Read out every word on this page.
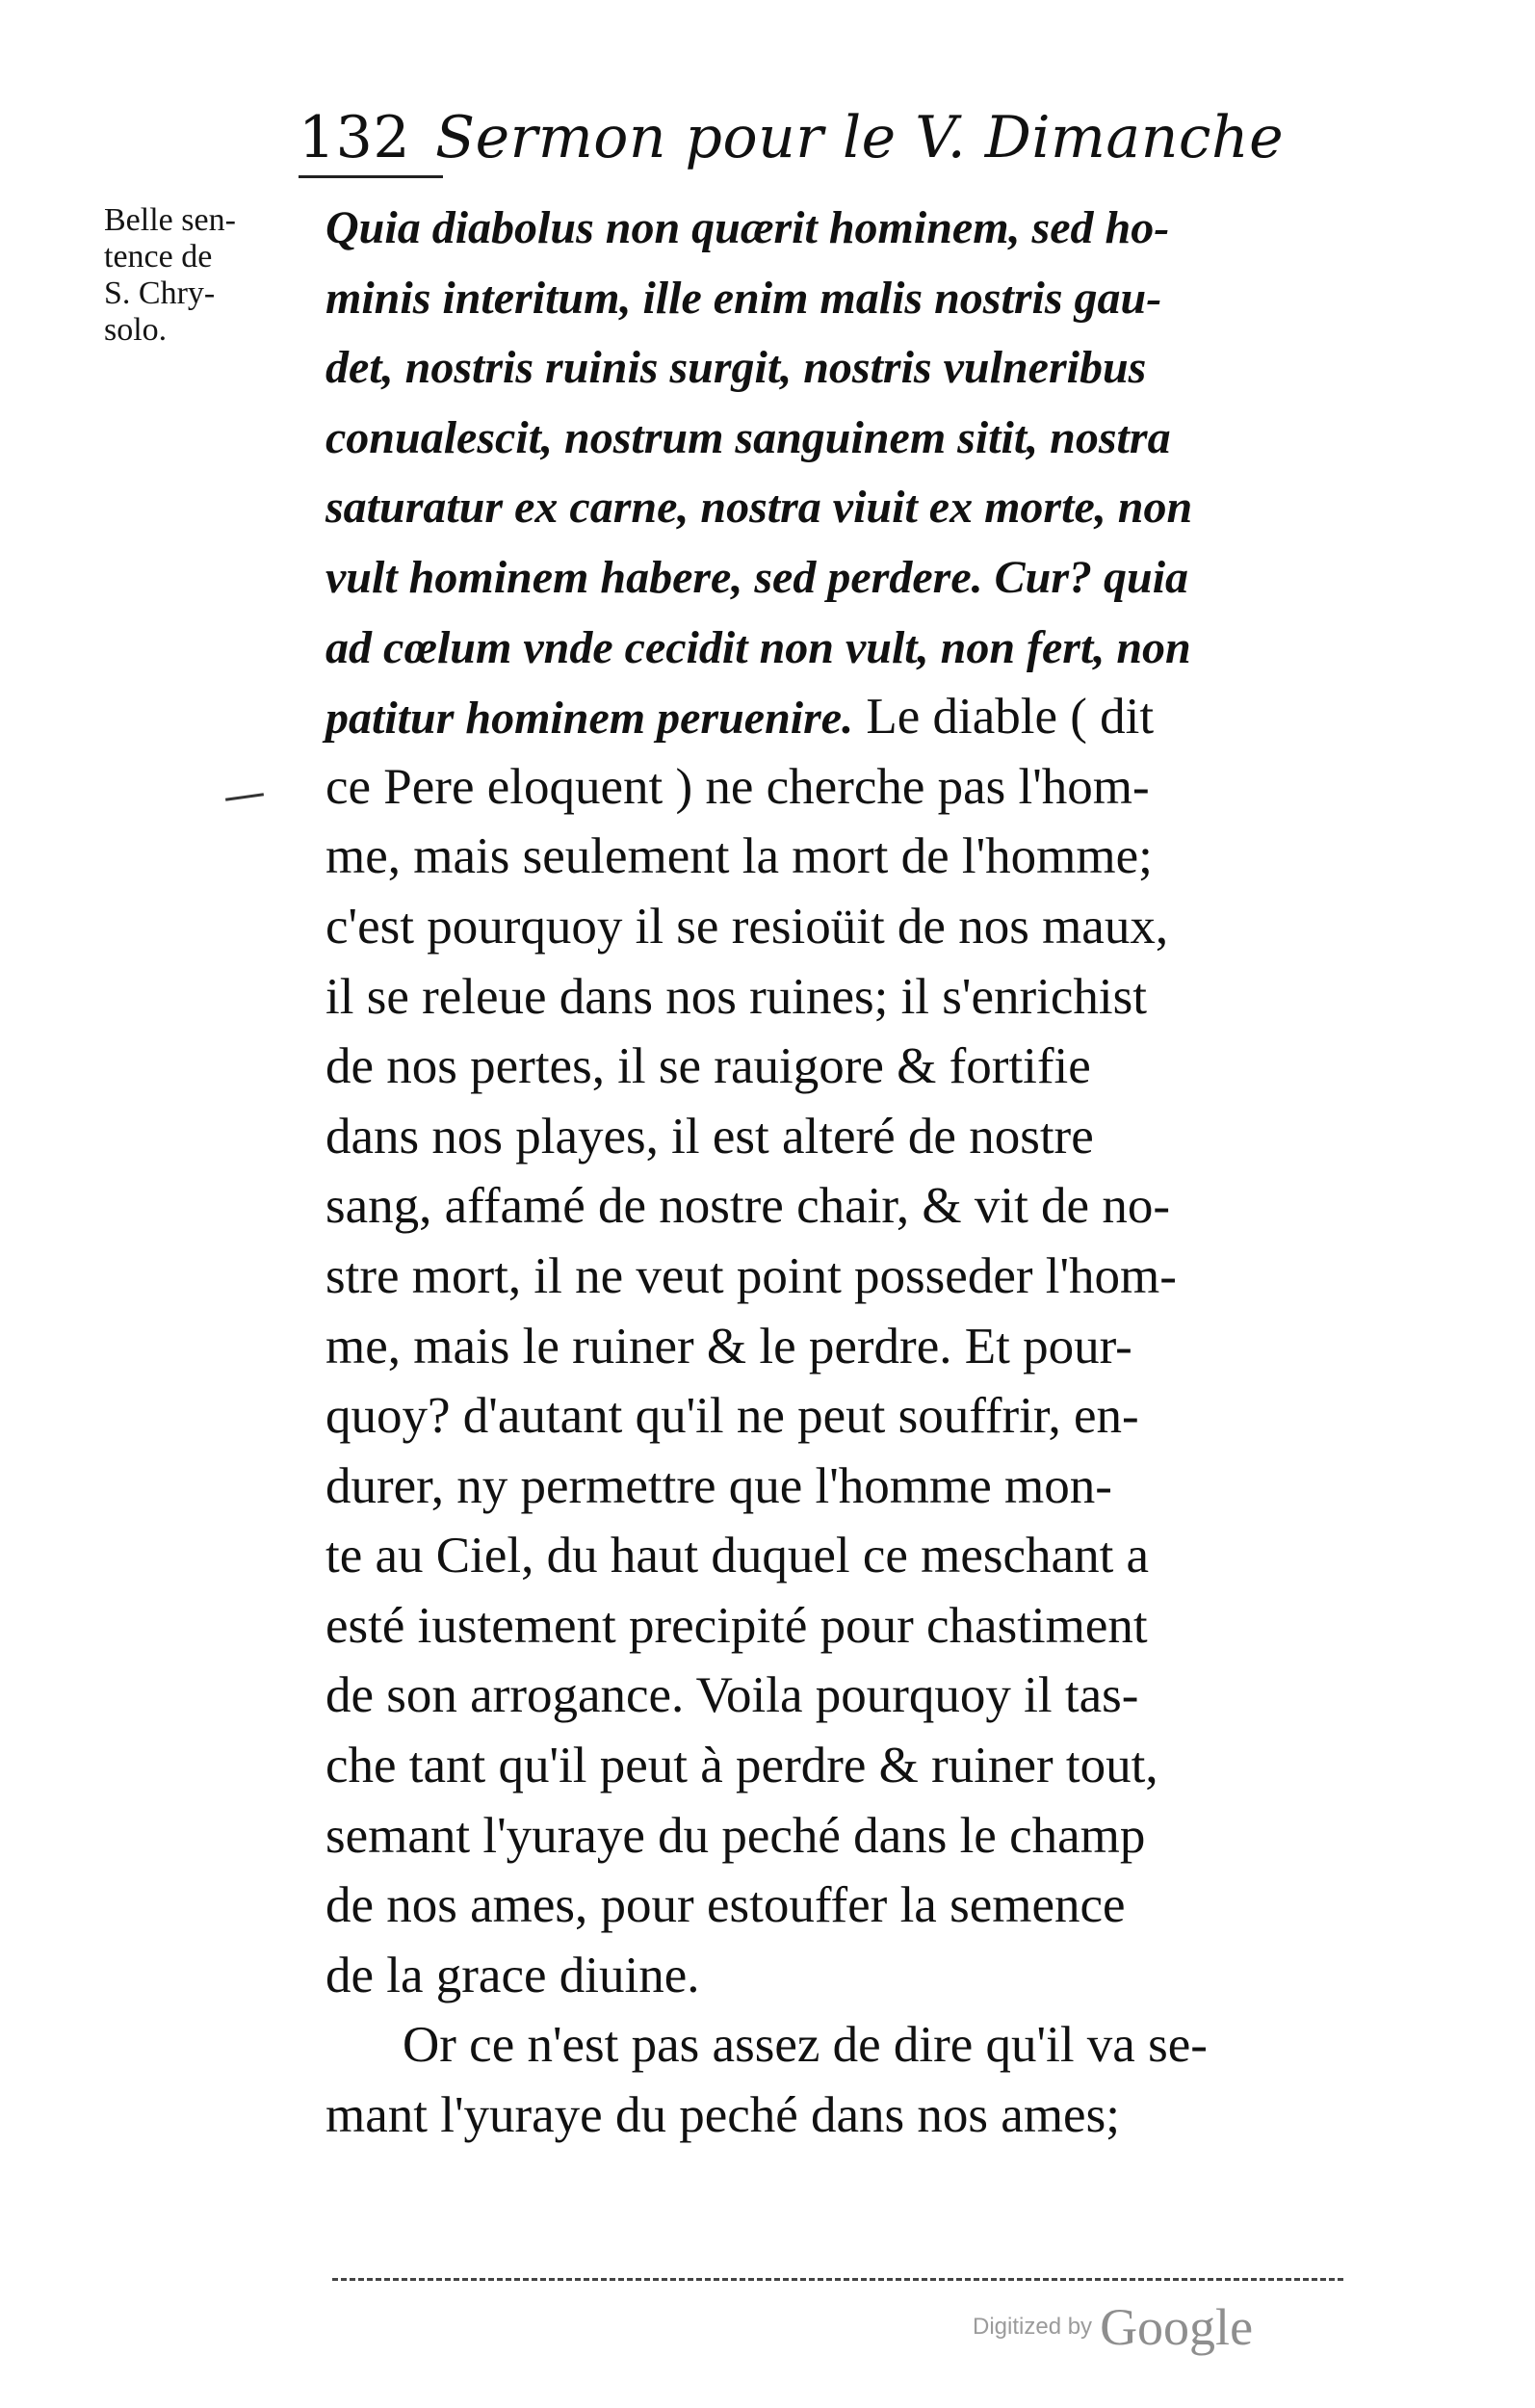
132 Sermon pour le V. Dimanche
Belle sen-
tence de
S. Chry-
solo.
Quia diabolus non quærit hominem, sed ho-
minis interitum, ille enim malis nostris gau-
det, nostris ruinis surgit, nostris vulneribus
conualescit, nostrum sanguinem sitit, nostra
saturatur ex carne, nostra viuit ex morte, non
vult hominem habere, sed perdere. Cur? quia
ad cœlum vnde cecidit non vult, non fert, non
patitur hominem peruenire. Le diable ( dit
ce Pere eloquent ) ne cherche pas l'hom-
me, mais seulement la mort de l'homme;
c'est pourquoy il se resioüit de nos maux,
il se releue dans nos ruines; il s'enrichist
de nos pertes, il se rauigore & fortifie
dans nos playes, il est alteré de nostre
sang, affamé de nostre chair, & vit de no-
stre mort, il ne veut point posseder l'hom-
me, mais le ruiner & le perdre. Et pour-
quoy? d'autant qu'il ne peut souffrir, en-
durer, ny permettre que l'homme mon-
te au Ciel, du haut duquel ce meschant a
esté iustement precipité pour chastiment
de son arrogance. Voila pourquoy il tas-
che tant qu'il peut à perdre & ruiner tout,
semant l'yuraye du peché dans le champ
de nos ames, pour estouffer la semence
de la grace diuine.
Or ce n'est pas assez de dire qu'il va se-
mant l'yuraye du peché dans nos ames;
Digitized by Google
